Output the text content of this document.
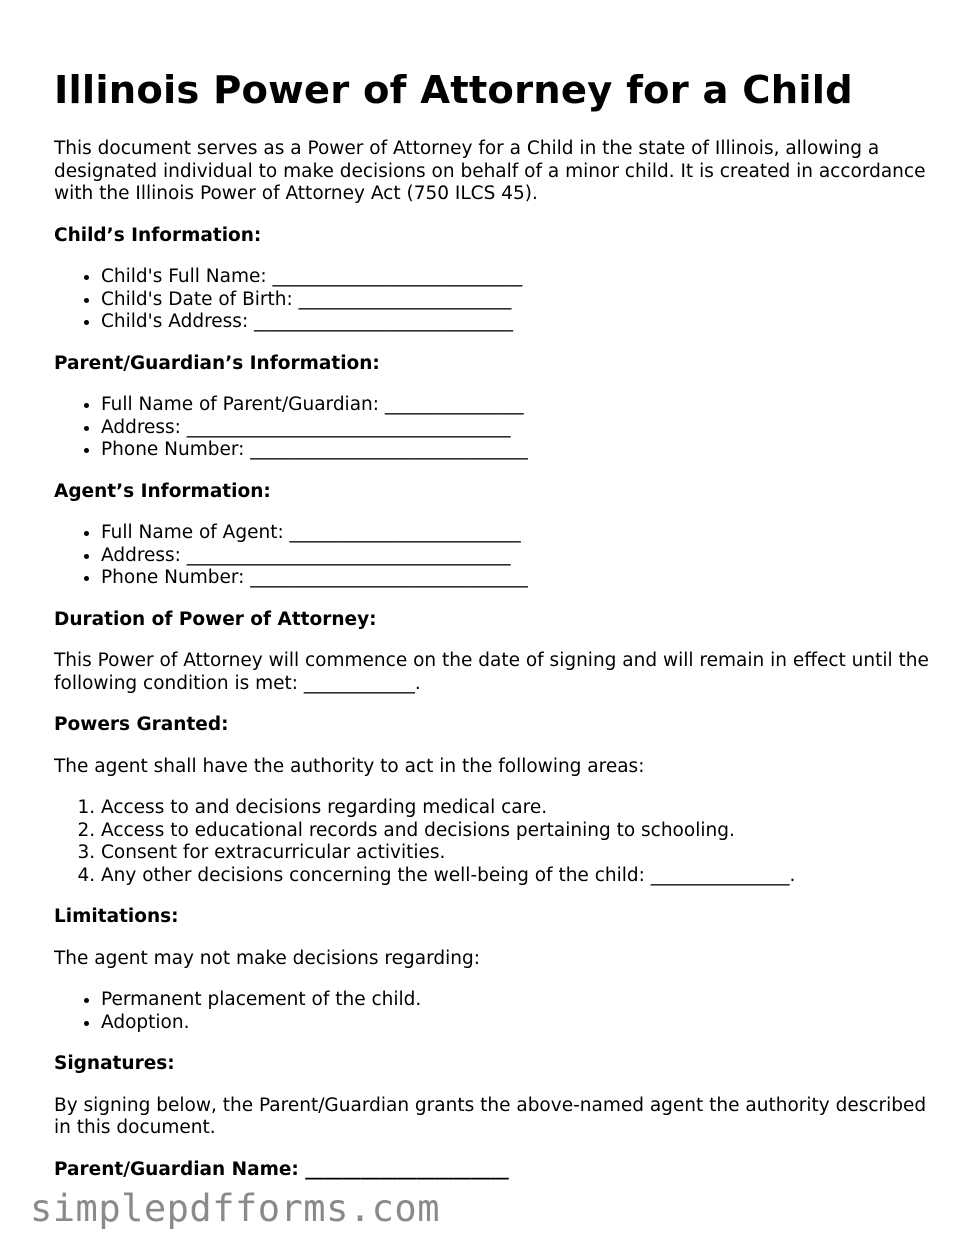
Illinois Power of Attorney for a Child

This document serves as a Power of Attorney for a Child in the state of Illinois, allowing a designated individual to make decisions on behalf of a minor child. It is created in accordance with the Illinois Power of Attorney Act (750 ILCS 45).

Child’s Information:
• Child's Full Name: ___________________________
• Child's Date of Birth: _______________________
• Child's Address: ____________________________
Parent/Guardian’s Information:
• Full Name of Parent/Guardian: _______________
• Address: ___________________________________
• Phone Number: ______________________________
Agent’s Information:
• Full Name of Agent: _________________________
• Address: ___________________________________
• Phone Number: ______________________________
Duration of Power of Attorney:

This Power of Attorney will commence on the date of signing and will remain in effect until the following condition is met: ____________.

Powers Granted:

The agent shall have the authority to act in the following areas:

1. Access to and decisions regarding medical care.
2. Access to educational records and decisions pertaining to schooling.
3. Consent for extracurricular activities.
4. Any other decisions concerning the well-being of the child: _______________.
Limitations:

The agent may not make decisions regarding:

• Permanent placement of the child.
• Adoption.
Signatures:

By signing below, the Parent/Guardian grants the above-named agent the authority described in this document.

Parent/Guardian Name: ______________________
simplepdfforms.com
